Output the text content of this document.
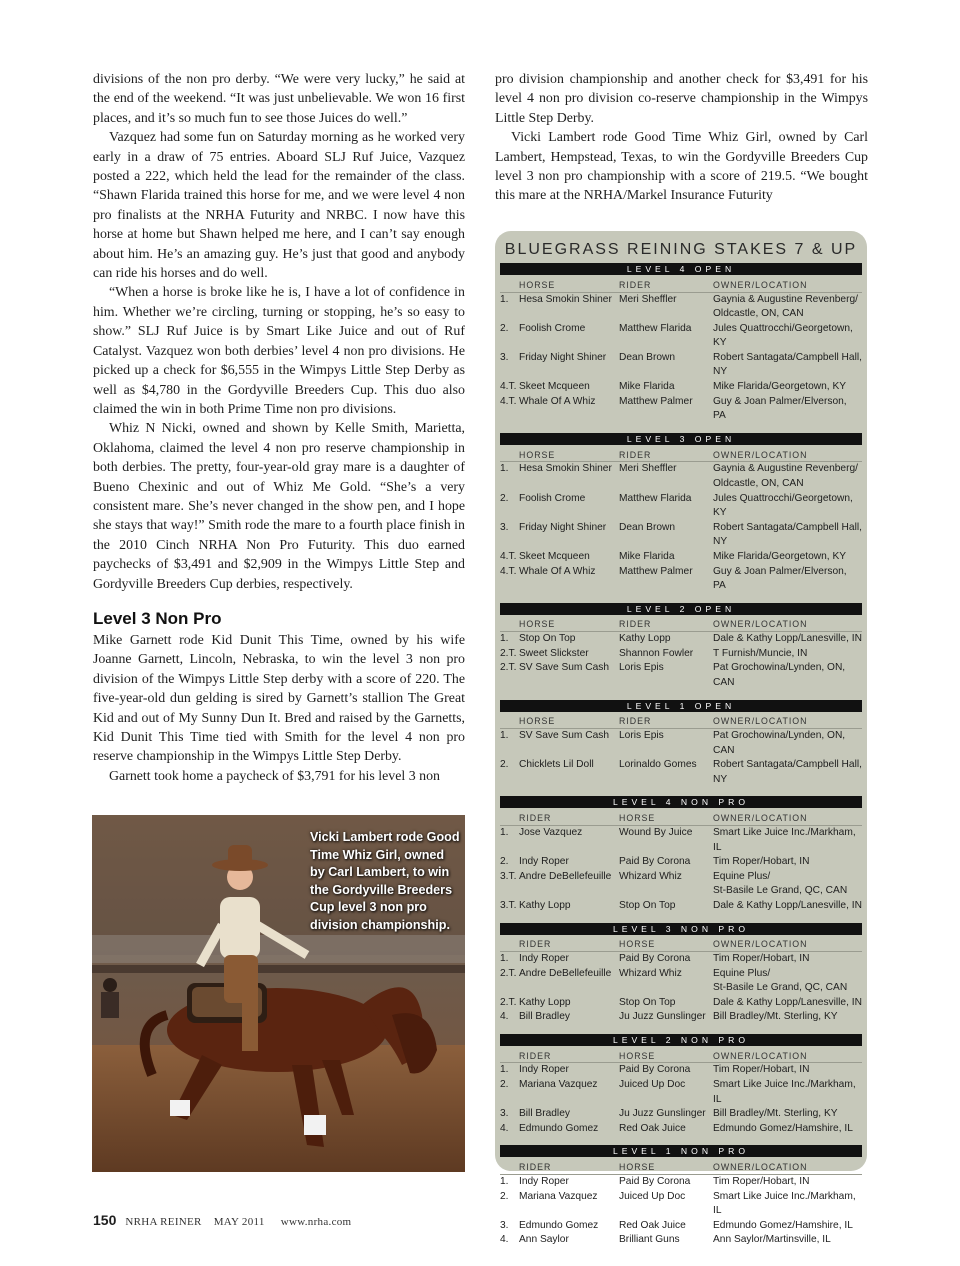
divisions of the non pro derby. “We were very lucky,” he said at the end of the weekend. “It was just unbelievable. We won 16 first places, and it’s so much fun to see those Juices do well.”

Vazquez had some fun on Saturday morning as he worked very early in a draw of 75 entries. Aboard SLJ Ruf Juice, Vazquez posted a 222, which held the lead for the remainder of the class. “Shawn Flarida trained this horse for me, and we were level 4 non pro finalists at the NRHA Futurity and NRBC. I now have this horse at home but Shawn helped me here, and I can’t say enough about him. He’s an amazing guy. He’s just that good and anybody can ride his horses and do well.

“When a horse is broke like he is, I have a lot of confidence in him. Whether we’re circling, turning or stopping, he’s so easy to show.” SLJ Ruf Juice is by Smart Like Juice and out of Ruf Catalyst. Vazquez won both derbies’ level 4 non pro divisions. He picked up a check for $6,555 in the Wimpys Little Step Derby as well as $4,780 in the Gordyville Breeders Cup. This duo also claimed the win in both Prime Time non pro divisions.

Whiz N Nicki, owned and shown by Kelle Smith, Marietta, Oklahoma, claimed the level 4 non pro reserve championship in both derbies. The pretty, four-year-old gray mare is a daughter of Bueno Chexinic and out of Whiz Me Gold. “She’s a very consistent mare. She’s never changed in the show pen, and I hope she stays that way!” Smith rode the mare to a fourth place finish in the 2010 Cinch NRHA Non Pro Futurity. This duo earned paychecks of $3,491 and $2,909 in the Wimpys Little Step and Gordyville Breeders Cup derbies, respectively.

Level 3 Non Pro

Mike Garnett rode Kid Dunit This Time, owned by his wife Joanne Garnett, Lincoln, Nebraska, to win the level 3 non pro division of the Wimpys Little Step derby with a score of 220. The five-year-old dun gelding is sired by Garnett’s stallion The Great Kid and out of My Sunny Dun It. Bred and raised by the Garnetts, Kid Dunit This Time tied with Smith for the level 4 non pro reserve championship in the Wimpys Little Step Derby.

Garnett took home a paycheck of $3,791 for his level 3 non

pro division championship and another check for $3,491 for his level 4 non pro division co-reserve championship in the Wimpys Little Step Derby.

Vicki Lambert rode Good Time Whiz Girl, owned by Carl Lambert, Hempstead, Texas, to win the Gordyville Breeders Cup level 3 non pro championship with a score of 219.5. “We bought this mare at the NRHA/Markel Insurance Futurity

Vicki Lambert rode Good Time Whiz Girl, owned by Carl Lambert, to win the Gordyville Breeders Cup level 3 non pro division championship.
BLUEGRASS REINING STAKES 7 & UP
LEVEL 4 OPEN
	HORSE	RIDER	OWNER/LOCATION
1.	Hesa Smokin Shiner	Meri Sheffler	Gaynia & Augustine Revenberg/
Oldcastle, ON, CAN
2.	Foolish Crome	Matthew Flarida	Jules Quattrocchi/Georgetown, KY
3.	Friday Night Shiner	Dean Brown	Robert Santagata/Campbell Hall, NY
4.T.	Skeet Mcqueen	Mike Flarida	Mike Flarida/Georgetown, KY
4.T.	Whale Of A Whiz	Matthew Palmer	Guy & Joan Palmer/Elverson, PA
LEVEL 3 OPEN
	HORSE	RIDER	OWNER/LOCATION
1.	Hesa Smokin Shiner	Meri Sheffler	Gaynia & Augustine Revenberg/
Oldcastle, ON, CAN
2.	Foolish Crome	Matthew Flarida	Jules Quattrocchi/Georgetown, KY
3.	Friday Night Shiner	Dean Brown	Robert Santagata/Campbell Hall, NY
4.T.	Skeet Mcqueen	Mike Flarida	Mike Flarida/Georgetown, KY
4.T.	Whale Of A Whiz	Matthew Palmer	Guy & Joan Palmer/Elverson, PA
LEVEL 2 OPEN
	HORSE	RIDER	OWNER/LOCATION
1.	Stop On Top	Kathy Lopp	Dale & Kathy Lopp/Lanesville, IN
2.T.	Sweet Slickster	Shannon Fowler	T Furnish/Muncie, IN
2.T.	SV Save Sum Cash	Loris Epis	Pat Grochowina/Lynden, ON, CAN
LEVEL 1 OPEN
	HORSE	RIDER	OWNER/LOCATION
1.	SV Save Sum Cash	Loris Epis	Pat Grochowina/Lynden, ON, CAN
2.	Chicklets Lil Doll	Lorinaldo Gomes	Robert Santagata/Campbell Hall, NY
LEVEL 4 NON PRO
	RIDER	HORSE	OWNER/LOCATION
1.	Jose Vazquez	Wound By Juice	Smart Like Juice Inc./Markham, IL
2.	Indy Roper	Paid By Corona	Tim Roper/Hobart, IN
3.T.	Andre DeBellefeuille	Whizard Whiz	Equine Plus/
St-Basile Le Grand, QC, CAN
3.T.	Kathy Lopp	Stop On Top	Dale & Kathy Lopp/Lanesville, IN
LEVEL 3 NON PRO
	RIDER	HORSE	OWNER/LOCATION
1.	Indy Roper	Paid By Corona	Tim Roper/Hobart, IN
2.T.	Andre DeBellefeuille	Whizard Whiz	Equine Plus/
St-Basile Le Grand, QC, CAN
2.T.	Kathy Lopp	Stop On Top	Dale & Kathy Lopp/Lanesville, IN
4.	Bill Bradley	Ju Juzz Gunslinger	Bill Bradley/Mt. Sterling, KY
LEVEL 2 NON PRO
	RIDER	HORSE	OWNER/LOCATION
1.	Indy Roper	Paid By Corona	Tim Roper/Hobart, IN
2.	Mariana Vazquez	Juiced Up Doc	Smart Like Juice Inc./Markham, IL
3.	Bill Bradley	Ju Juzz Gunslinger	Bill Bradley/Mt. Sterling, KY
4.	Edmundo Gomez	Red Oak Juice	Edmundo Gomez/Hamshire, IL
LEVEL 1 NON PRO
	RIDER	HORSE	OWNER/LOCATION
1.	Indy Roper	Paid By Corona	Tim Roper/Hobart, IN
2.	Mariana Vazquez	Juiced Up Doc	Smart Like Juice Inc./Markham, IL
3.	Edmundo Gomez	Red Oak Juice	Edmundo Gomez/Hamshire, IL
4.	Ann Saylor	Brilliant Guns	Ann Saylor/Martinsville, IL
150 NRHA REINER MAY 2011 www.nrha.com
